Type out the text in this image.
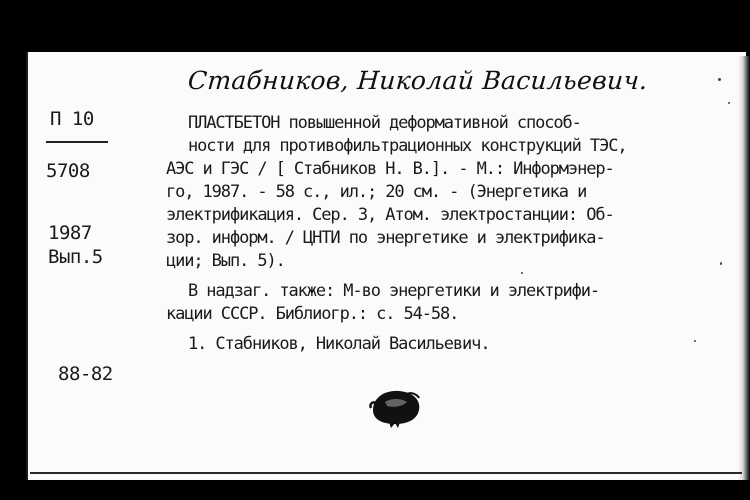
Стабников, Николай Васильевич.
П 10
5708
1987
Вып.5
88-82
ПЛАСТБЕТОН повышенной деформативной способ-
ности для противофильтрационных конструкций ТЭС,
АЭС и ГЭС / [ Стабников Н. В.]. - М.: Информэнер-
го, 1987. - 58 с., ил.; 20 см. - (Энергетика и
электрификация. Сер. 3, Атом. электростанции: Об-
зор. информ. / ЦНТИ по энергетике и электрифика-
ции; Вып. 5).
В надзаг. также: М-во энергетики и электрифи-
кации СССР. Библиогр.: с. 54-58.
1. Стабников, Николай Васильевич.
